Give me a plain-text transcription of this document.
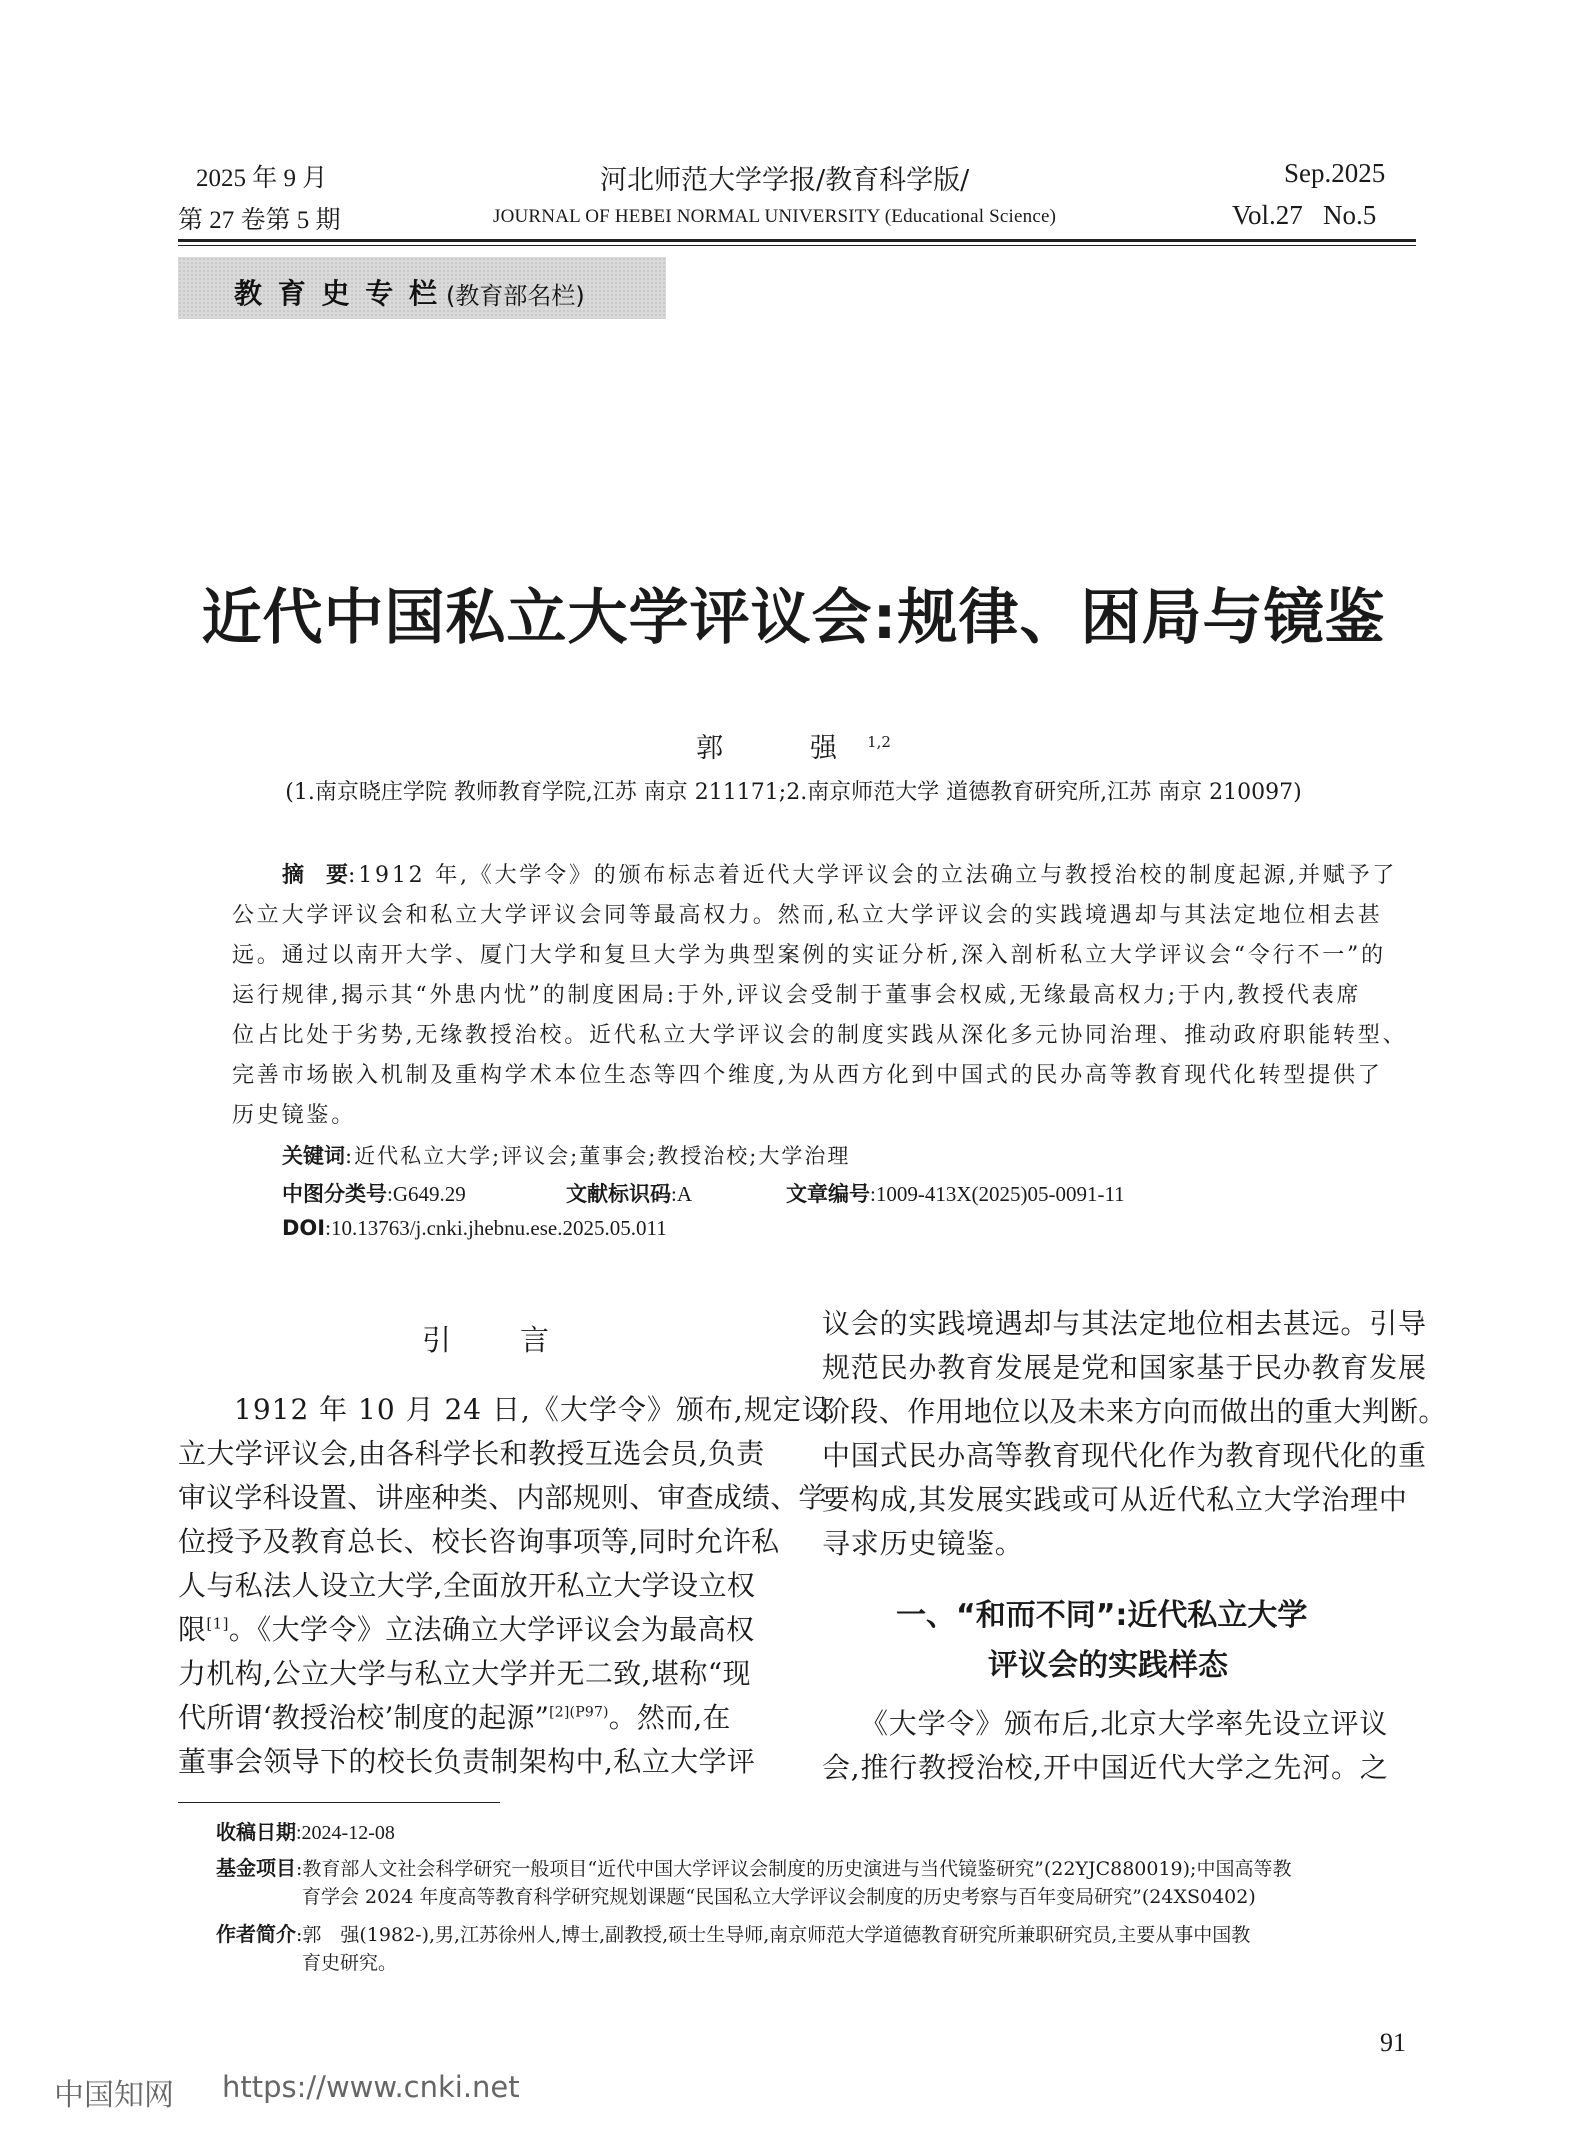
2025 年 9 月
第 27 卷第 5 期
河北师范大学学报/教育科学版/
JOURNAL OF HEBEI NORMAL UNIVERSITY (Educational Science)
Sep.2025
Vol.27   No.5
教 育 史 专 栏 (教育部名栏)
近代中国私立大学评议会:规律、困局与镜鉴
郭　强$^{1,2}$
(1.南京晓庄学院 教师教育学院,江苏 南京 211171;2.南京师范大学 道德教育研究所,江苏 南京 210097)
摘　要:1912 年,《大学令》的颁布标志着近代大学评议会的立法确立与教授治校的制度起源,并赋予了
公立大学评议会和私立大学评议会同等最高权力。然而,私立大学评议会的实践境遇却与其法定地位相去甚
远。通过以南开大学、厦门大学和复旦大学为典型案例的实证分析,深入剖析私立大学评议会“令行不一”的
运行规律,揭示其“外患内忧”的制度困局:于外,评议会受制于董事会权威,无缘最高权力;于内,教授代表席
位占比处于劣势,无缘教授治校。近代私立大学评议会的制度实践从深化多元协同治理、推动政府职能转型、
完善市场嵌入机制及重构学术本位生态等四个维度,为从西方化到中国式的民办高等教育现代化转型提供了
历史镜鉴。
关键词:近代私立大学;评议会;董事会;教授治校;大学治理
中图分类号:G649.29	文献标识码:A	文章编号:1009-413X(2025)05-0091-11
DOI:10.13763/j.cnki.jhebnu.ese.2025.05.011
引　言
1912 年 10 月 24 日,《大学令》颁布,规定设
立大学评议会,由各科学长和教授互选会员,负责
审议学科设置、讲座种类、内部规则、审查成绩、学
位授予及教育总长、校长咨询事项等,同时允许私
人与私法人设立大学,全面放开私立大学设立权
限[1]。《大学令》立法确立大学评议会为最高权
力机构,公立大学与私立大学并无二致,堪称“现
代所谓‘教授治校’制度的起源”$^{[2](P97)}$。然而,在
董事会领导下的校长负责制架构中,私立大学评
议会的实践境遇却与其法定地位相去甚远。引导
规范民办教育发展是党和国家基于民办教育发展
阶段、作用地位以及未来方向而做出的重大判断。
中国式民办高等教育现代化作为教育现代化的重
要构成,其发展实践或可从近代私立大学治理中
寻求历史镜鉴。
一、“和而不同”:近代私立大学
评议会的实践样态
《大学令》颁布后,北京大学率先设立评议
会,推行教授治校,开中国近代大学之先河。之
收稿日期:2024-12-08
基金项目:教育部人文社会科学研究一般项目“近代中国大学评议会制度的历史演进与当代镜鉴研究”(22YJC880019);中国高等教
育学会 2024 年度高等教育科学研究规划课题“民国私立大学评议会制度的历史考察与百年变局研究”(24XS0402)
作者简介:郭　强(1982-),男,江苏徐州人,博士,副教授,硕士生导师,南京师范大学道德教育研究所兼职研究员,主要从事中国教
育史研究。
91
中国知网 https://www.cnki.net
